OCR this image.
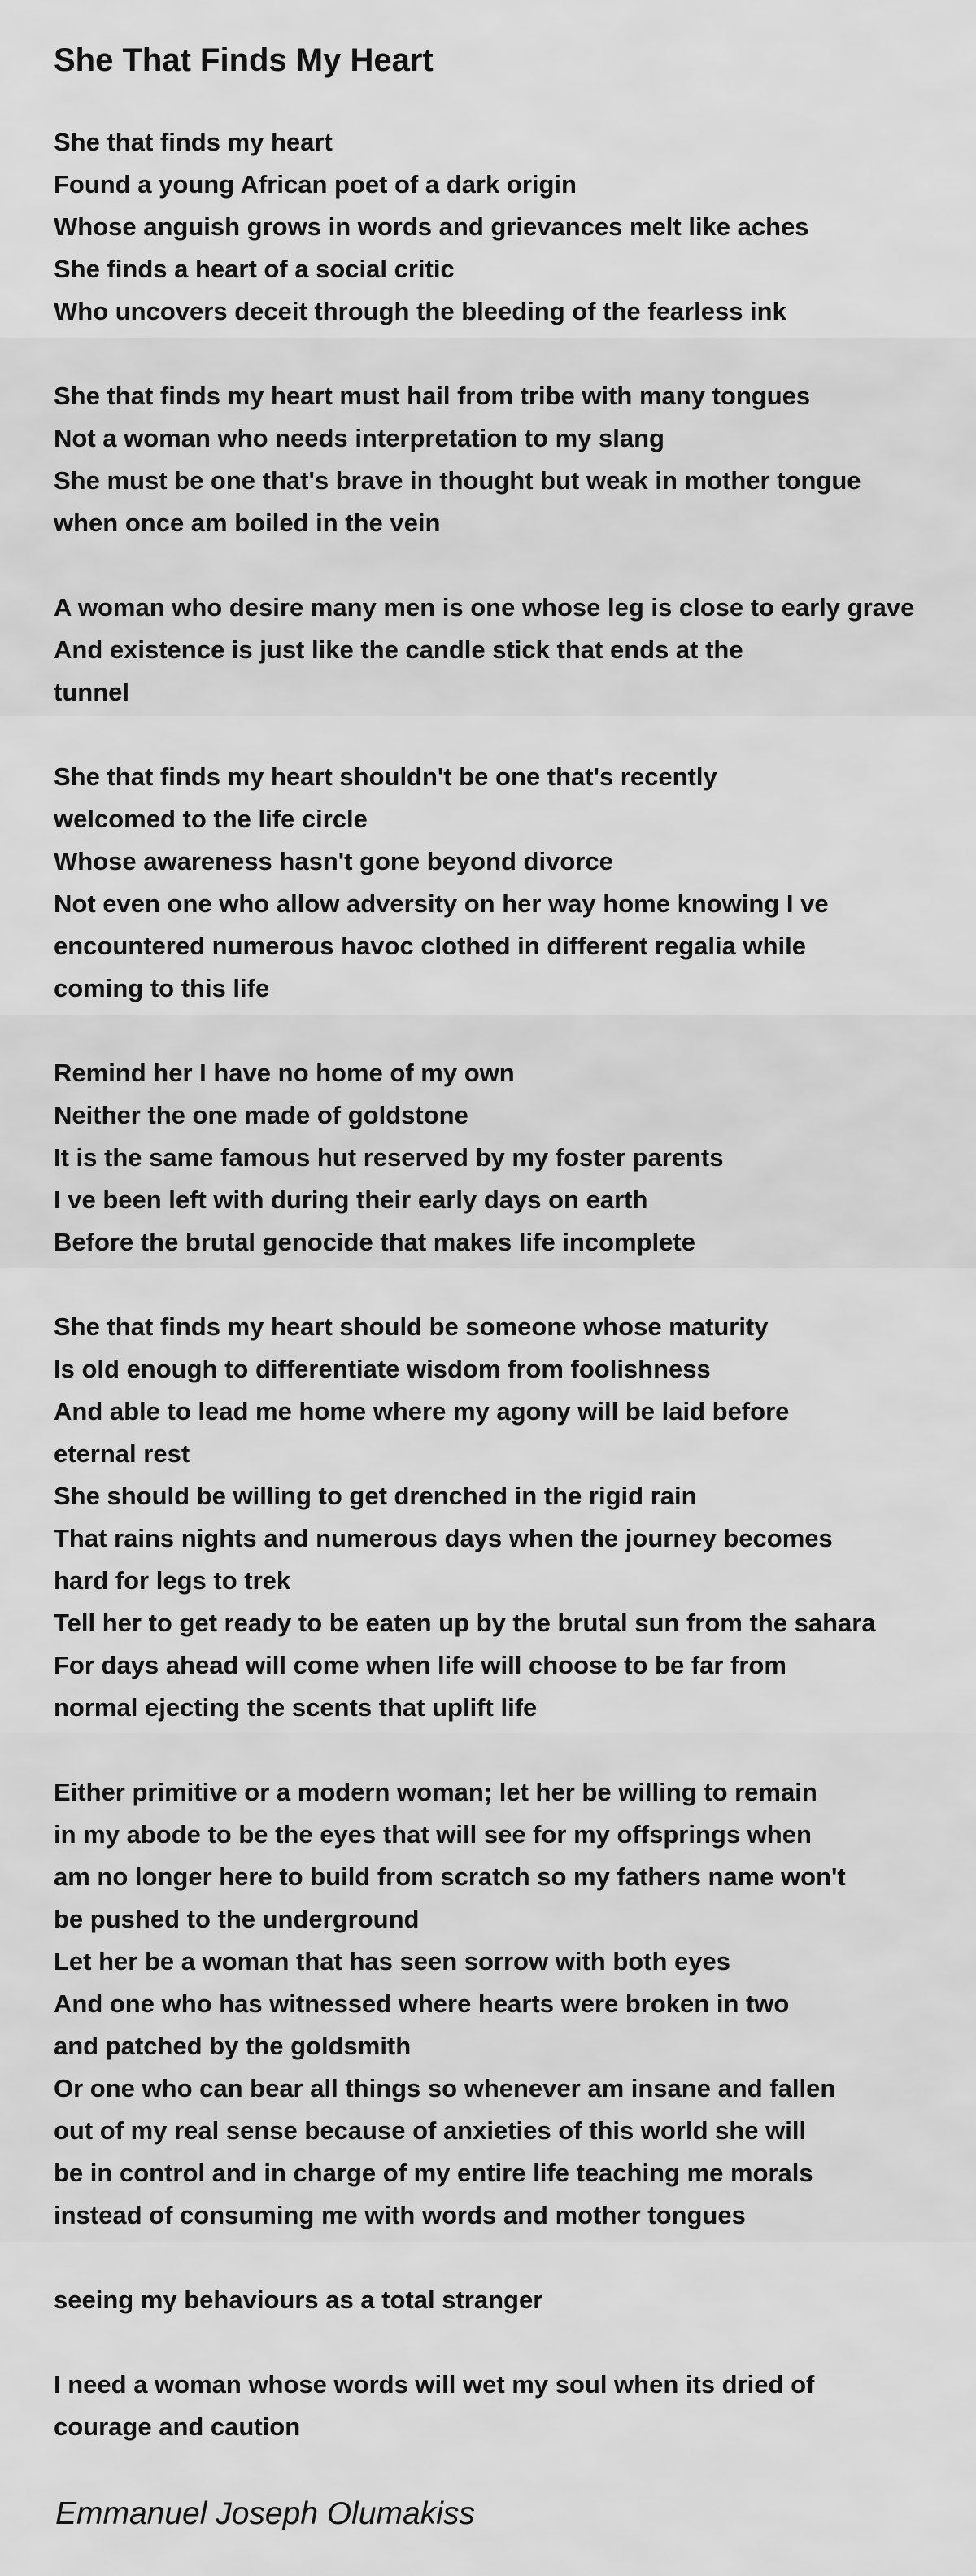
She That Finds My Heart
She that finds my heart
Found a young African poet of a dark origin
Whose anguish grows in words and grievances melt like aches
She finds a heart of a social critic
Who uncovers deceit through the bleeding of the fearless ink
She that finds my heart must hail from tribe with many tongues
Not a woman who needs interpretation to my slang
She must be one that's brave in thought but weak in mother tongue
when once am boiled in the vein
A woman who desire many men is one whose leg is close to early grave
And existence is just like the candle stick that ends at the
tunnel
She that finds my heart shouldn't be one that's recently
welcomed to the life circle
Whose awareness hasn't gone beyond divorce
Not even one who allow adversity on her way home knowing I ve
encountered numerous havoc clothed in different regalia while
coming to this life
Remind her I have no home of my own
Neither the one made of goldstone
It is the same famous hut reserved by my foster parents
I ve been left with during their early days on earth
Before the brutal genocide that makes life incomplete
She that finds my heart should be someone whose maturity
Is old enough to differentiate wisdom from foolishness
And able to lead me home where my agony will be laid before
eternal rest
She should be willing to get drenched in the rigid rain
That rains nights and numerous days when the journey becomes
hard for legs to trek
Tell her to get ready to be eaten up by the brutal sun from the sahara
For days ahead will come when life will choose to be far from
normal ejecting the scents that uplift life
Either primitive or a modern woman; let her be willing to remain
in my abode to be the eyes that will see for my offsprings when
am no longer here to build from scratch so my fathers name won't
be pushed to the underground
Let her be a woman that has seen sorrow with both eyes
And one who has witnessed where hearts were broken in two
and patched by the goldsmith
Or one who can bear all things so whenever am insane and fallen
out of my real sense because of anxieties of this world she will
be in control and in charge of my entire life teaching me morals
instead of consuming me with words and mother tongues
seeing my behaviours as a total stranger
I need a woman whose words will wet my soul when its dried of
courage and caution
Emmanuel Joseph Olumakiss
